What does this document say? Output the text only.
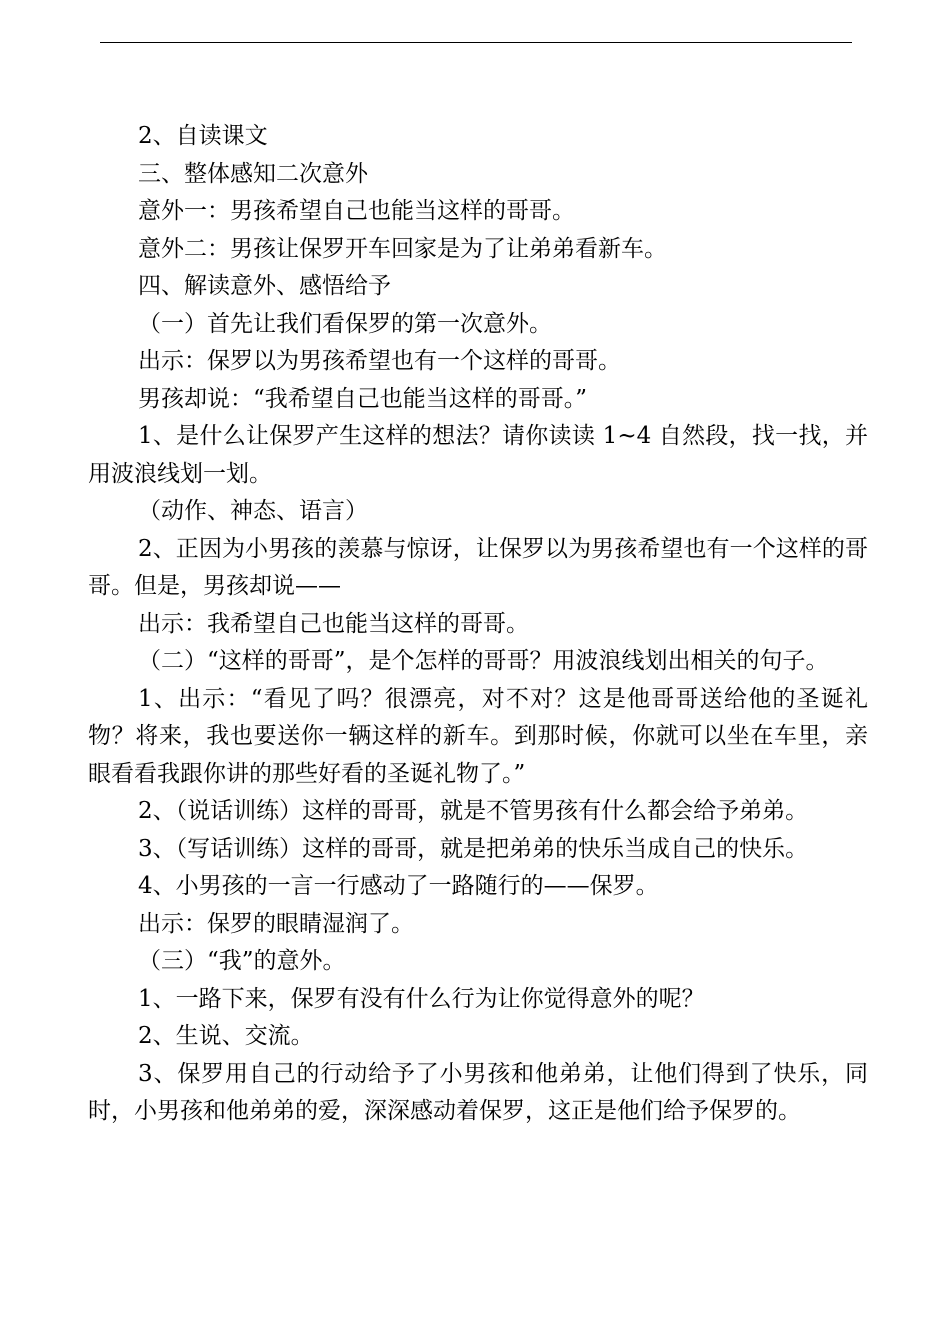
2、自读课文

三、整体感知二次意外

意外一：男孩希望自己也能当这样的哥哥。

意外二：男孩让保罗开车回家是为了让弟弟看新车。

四、解读意外、感悟给予

（一）首先让我们看保罗的第一次意外。

出示：保罗以为男孩希望也有一个这样的哥哥。

男孩却说：“我希望自己也能当这样的哥哥。”

1、是什么让保罗产生这样的想法？请你读读 1~4 自然段，找一找，并用波浪线划一划。

（动作、神态、语言）

2、正因为小男孩的羡慕与惊讶，让保罗以为男孩希望也有一个这样的哥哥。但是，男孩却说——

出示：我希望自己也能当这样的哥哥。

（二）“这样的哥哥”，是个怎样的哥哥？用波浪线划出相关的句子。

1、出示：“看见了吗？很漂亮，对不对？这是他哥哥送给他的圣诞礼物？将来，我也要送你一辆这样的新车。到那时候，你就可以坐在车里，亲眼看看我跟你讲的那些好看的圣诞礼物了。”

2、（说话训练）这样的哥哥，就是不管男孩有什么都会给予弟弟。

3、（写话训练）这样的哥哥，就是把弟弟的快乐当成自己的快乐。

4、小男孩的一言一行感动了一路随行的——保罗。

出示：保罗的眼睛湿润了。

（三）“我”的意外。

1、一路下来，保罗有没有什么行为让你觉得意外的呢？

2、生说、交流。

3、保罗用自己的行动给予了小男孩和他弟弟，让他们得到了快乐，同时，小男孩和他弟弟的爱，深深感动着保罗，这正是他们给予保罗的。
